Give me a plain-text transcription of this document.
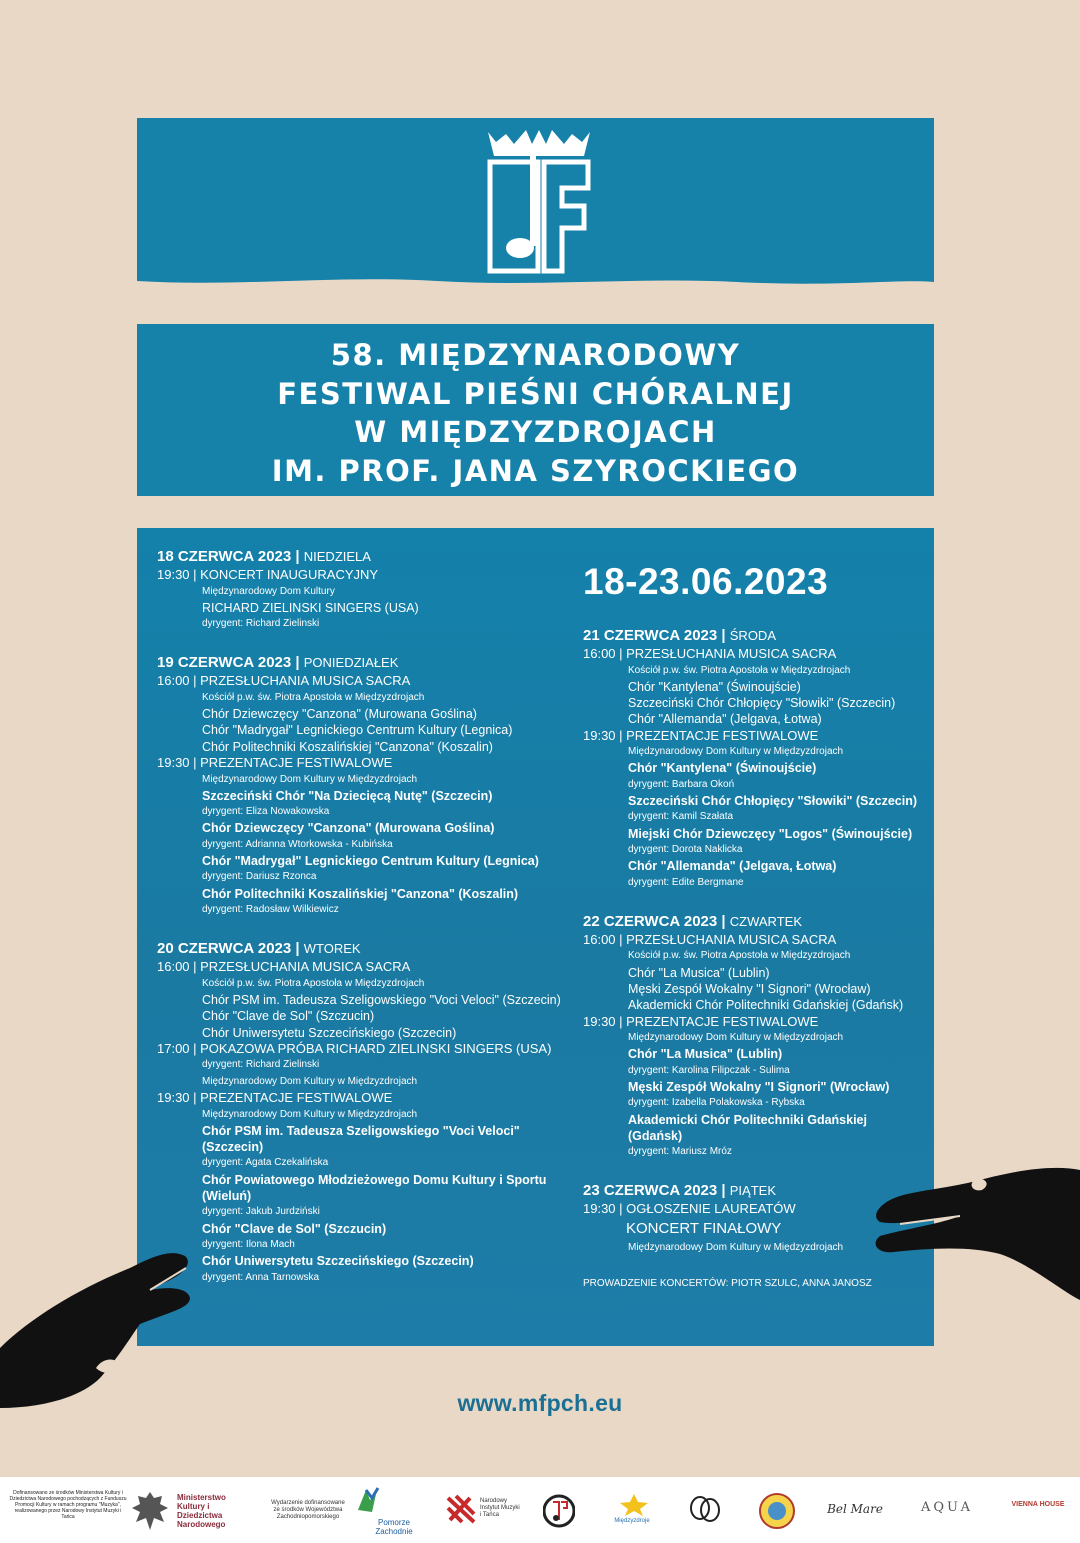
58. MIĘDZYNARODOWY
FESTIWAL PIEŚNI CHÓRALNEJ
W MIĘDZYZDROJACH
IM. PROF. JANA SZYROCKIEGO
18 CZERWCA 2023 | NIEDZIELA
19:30 | KONCERT INAUGURACYJNY
Międzynarodowy Dom Kultury
RICHARD ZIELINSKI SINGERS (USA)
dyrygent: Richard Zielinski
19 CZERWCA 2023 | PONIEDZIAŁEK
16:00 | PRZESŁUCHANIA MUSICA SACRA
Kościół p.w. św. Piotra Apostoła w Międzyzdrojach
Chór Dziewczęcy "Canzona" (Murowana Goślina)
Chór "Madrygał" Legnickiego Centrum Kultury (Legnica)
Chór Politechniki Koszalińskiej "Canzona" (Koszalin)
19:30 | PREZENTACJE FESTIWALOWE
Międzynarodowy Dom Kultury w Międzyzdrojach
Szczeciński Chór "Na Dziecięcą Nutę" (Szczecin)
dyrygent: Eliza Nowakowska
Chór Dziewczęcy "Canzona" (Murowana Goślina)
dyrygent: Adrianna Wtorkowska - Kubińska
Chór "Madrygał" Legnickiego Centrum Kultury (Legnica)
dyrygent: Dariusz Rzonca
Chór Politechniki Koszalińskiej "Canzona" (Koszalin)
dyrygent: Radosław Wilkiewicz
20 CZERWCA 2023 | WTOREK
16:00 | PRZESŁUCHANIA MUSICA SACRA
Kościół p.w. św. Piotra Apostoła w Międzyzdrojach
Chór PSM im. Tadeusza Szeligowskiego "Voci Veloci" (Szczecin)
Chór "Clave de Sol" (Szczucin)
Chór Uniwersytetu Szczecińskiego (Szczecin)
17:00 | POKAZOWA PRÓBA RICHARD ZIELINSKI SINGERS (USA)
dyrygent: Richard Zielinski
Międzynarodowy Dom Kultury w Międzyzdrojach
19:30 | PREZENTACJE FESTIWALOWE
Międzynarodowy Dom Kultury w Międzyzdrojach
Chór PSM im. Tadeusza Szeligowskiego "Voci Veloci" (Szczecin)
dyrygent: Agata Czekalińska
Chór Powiatowego Młodzieżowego Domu Kultury i Sportu (Wieluń)
dyrygent: Jakub Jurdziński
Chór "Clave de Sol" (Szczucin)
dyrygent: Ilona Mach
Chór Uniwersytetu Szczecińskiego (Szczecin)
dyrygent: Anna Tarnowska
18-23.06.2023
21 CZERWCA 2023 | ŚRODA
16:00 | PRZESŁUCHANIA MUSICA SACRA
Kościół p.w. św. Piotra Apostoła w Międzyzdrojach
Chór "Kantylena" (Świnoujście)
Szczeciński Chór Chłopięcy "Słowiki" (Szczecin)
Chór "Allemanda" (Jelgava, Łotwa)
19:30 | PREZENTACJE FESTIWALOWE
Międzynarodowy Dom Kultury w Międzyzdrojach
Chór "Kantylena" (Świnoujście)
dyrygent: Barbara Okoń
Szczeciński Chór Chłopięcy "Słowiki" (Szczecin)
dyrygent: Kamil Szałata
Miejski Chór Dziewczęcy "Logos" (Świnoujście)
dyrygent: Dorota Naklicka
Chór "Allemanda" (Jelgava, Łotwa)
dyrygent: Edite Bergmane
22 CZERWCA 2023 | CZWARTEK
16:00 | PRZESŁUCHANIA MUSICA SACRA
Kościół p.w. św. Piotra Apostoła w Międzyzdrojach
Chór "La Musica" (Lublin)
Męski Zespół Wokalny "I Signori" (Wrocław)
Akademicki Chór Politechniki Gdańskiej (Gdańsk)
19:30 | PREZENTACJE FESTIWALOWE
Międzynarodowy Dom Kultury w Międzyzdrojach
Chór "La Musica" (Lublin)
dyrygent: Karolina Filipczak - Sulima
Męski Zespół Wokalny "I Signori" (Wrocław)
dyrygent: Izabella Polakowska - Rybska
Akademicki Chór Politechniki Gdańskiej (Gdańsk)
dyrygent: Mariusz Mróz
23 CZERWCA 2023 | PIĄTEK
19:30 | OGŁOSZENIE LAUREATÓW
KONCERT FINAŁOWY
Międzynarodowy Dom Kultury w Międzyzdrojach
PROWADZENIE KONCERTÓW: PIOTR SZULC, ANNA JANOSZ
www.mfpch.eu
Dofinansowano ze środków Ministerstwa Kultury i Dziedzictwa Narodowego pochodzących z Funduszu Promocji Kultury w ramach programu "Muzyka", realizowanego przez Narodowy Instytut Muzyki i Tańca
Ministerstwo Kultury i Dziedzictwa Narodowego
Wydarzenie dofinansowane ze środków Województwa Zachodniopomorskiego
Pomorze Zachodnie
Narodowy Instytut Muzyki i Tańca
Międzyzdroje
Bel Mare	AQUA	VIENNA HOUSE
